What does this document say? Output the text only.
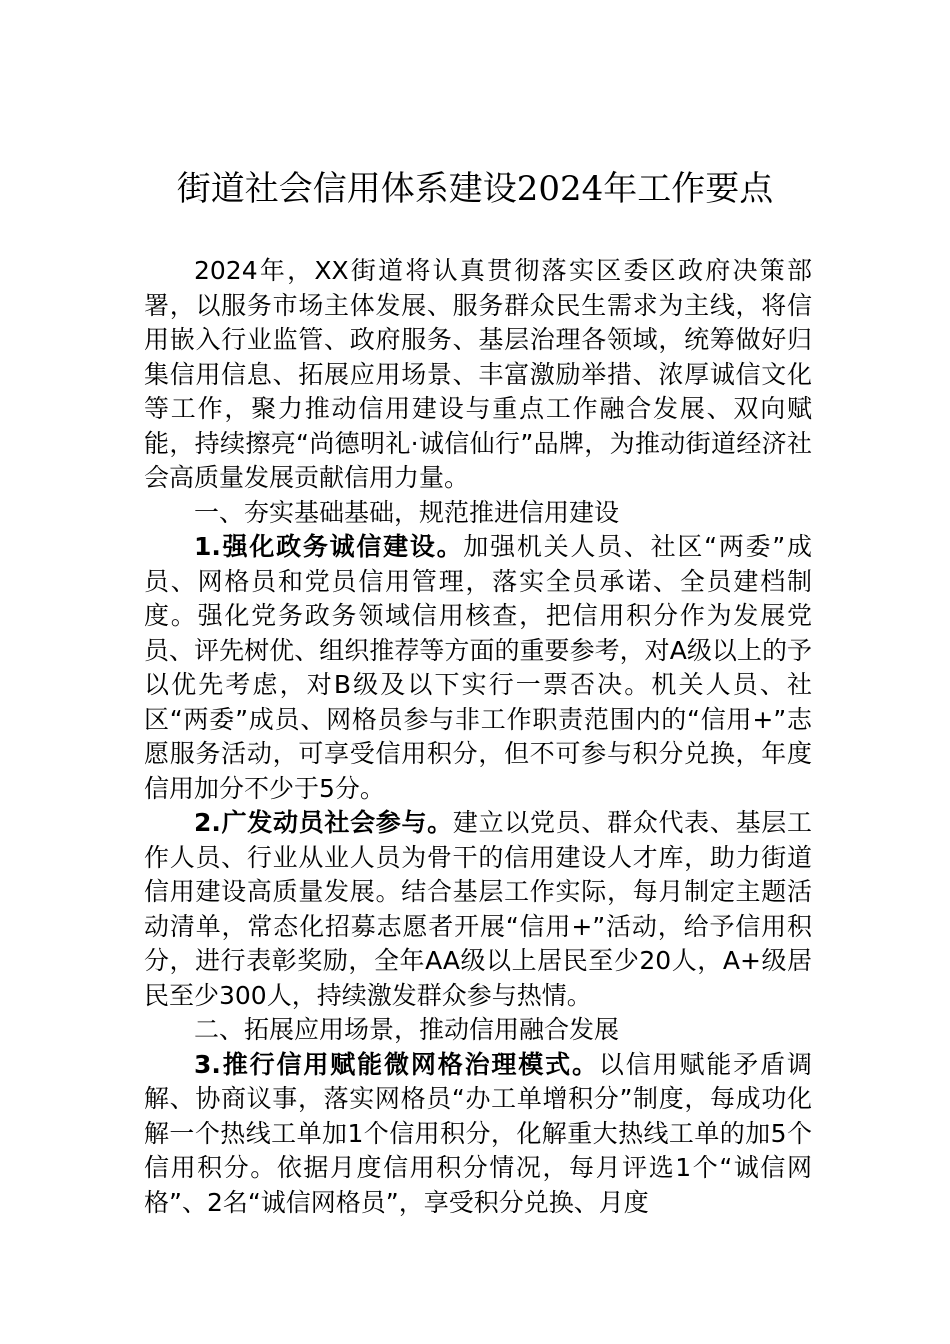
街道社会信用体系建设2024年工作要点

2024年，XX街道将认真贯彻落实区委区政府决策部署，以服务市场主体发展、服务群众民生需求为主线，将信用嵌入行业监管、政府服务、基层治理各领域，统筹做好归集信用信息、拓展应用场景、丰富激励举措、浓厚诚信文化等工作，聚力推动信用建设与重点工作融合发展、双向赋能，持续擦亮“尚德明礼·诚信仙行”品牌，为推动街道经济社会高质量发展贡献信用力量。

一、夯实基础基础，规范推进信用建设

1.强化政务诚信建设。加强机关人员、社区“两委”成员、网格员和党员信用管理，落实全员承诺、全员建档制度。强化党务政务领域信用核查，把信用积分作为发展党员、评先树优、组织推荐等方面的重要参考，对A级以上的予以优先考虑，对B级及以下实行一票否决。机关人员、社区“两委”成员、网格员参与非工作职责范围内的“信用+”志愿服务活动，可享受信用积分，但不可参与积分兑换，年度信用加分不少于5分。

2.广发动员社会参与。建立以党员、群众代表、基层工作人员、行业从业人员为骨干的信用建设人才库，助力街道信用建设高质量发展。结合基层工作实际，每月制定主题活动清单，常态化招募志愿者开展“信用+”活动，给予信用积分，进行表彰奖励，全年AA级以上居民至少20人，A+级居民至少300人，持续激发群众参与热情。

二、拓展应用场景，推动信用融合发展

3.推行信用赋能微网格治理模式。以信用赋能矛盾调解、协商议事，落实网格员“办工单增积分”制度，每成功化解一个热线工单加1个信用积分，化解重大热线工单的加5个信用积分。依据月度信用积分情况，每月评选1个“诚信网格”、2名“诚信网格员”，享受积分兑换、月度
